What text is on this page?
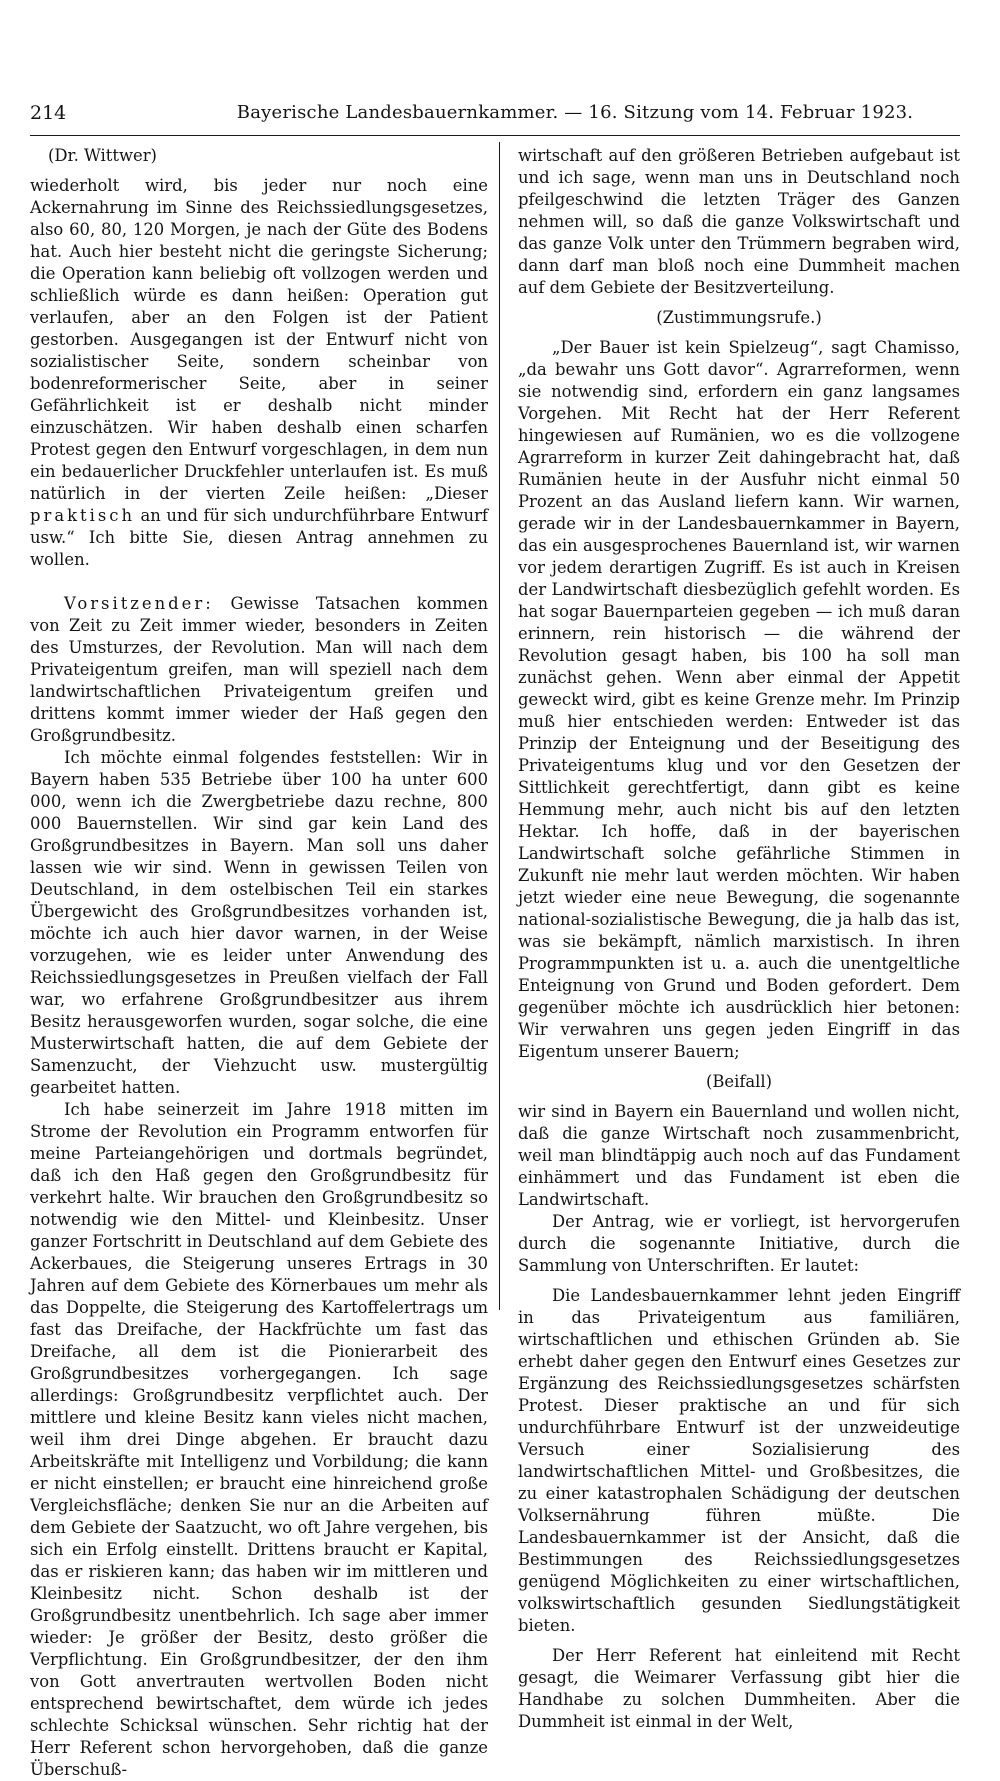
214	Bayerische Landesbauernkammer. — 16. Sitzung vom 14. Februar 1923.

(Dr. Wittwer)

wiederholt wird, bis jeder nur noch eine Ackernahrung im Sinne des Reichssiedlungsgesetzes, also 60, 80, 120 Morgen, je nach der Güte des Bodens hat. Auch hier besteht nicht die geringste Sicherung; die Operation kann beliebig oft vollzogen werden und schließlich würde es dann heißen: Operation gut verlaufen, aber an den Folgen ist der Patient gestorben. Ausgegangen ist der Entwurf nicht von sozialistischer Seite, sondern scheinbar von bodenreformerischer Seite, aber in seiner Gefährlichkeit ist er deshalb nicht minder einzuschätzen. Wir haben deshalb einen scharfen Protest gegen den Entwurf vorgeschlagen, in dem nun ein bedauerlicher Druckfehler unterlaufen ist. Es muß natürlich in der vierten Zeile heißen: „Dieser praktisch an und für sich undurchführbare Entwurf usw.“ Ich bitte Sie, diesen Antrag annehmen zu wollen.

Vorsitzender: Gewisse Tatsachen kommen von Zeit zu Zeit immer wieder, besonders in Zeiten des Umsturzes, der Revolution. Man will nach dem Privateigentum greifen, man will speziell nach dem landwirtschaftlichen Privateigentum greifen und drittens kommt immer wieder der Haß gegen den Großgrundbesitz.

Ich möchte einmal folgendes feststellen: Wir in Bayern haben 535 Betriebe über 100 ha unter 600 000, wenn ich die Zwergbetriebe dazu rechne, 800 000 Bauernstellen. Wir sind gar kein Land des Großgrundbesitzes in Bayern. Man soll uns daher lassen wie wir sind. Wenn in gewissen Teilen von Deutschland, in dem ostelbischen Teil ein starkes Übergewicht des Großgrundbesitzes vorhanden ist, möchte ich auch hier davor warnen, in der Weise vorzugehen, wie es leider unter Anwendung des Reichssiedlungsgesetzes in Preußen vielfach der Fall war, wo erfahrene Großgrundbesitzer aus ihrem Besitz herausgeworfen wurden, sogar solche, die eine Musterwirtschaft hatten, die auf dem Gebiete der Samenzucht, der Viehzucht usw. mustergültig gearbeitet hatten.

Ich habe seinerzeit im Jahre 1918 mitten im Strome der Revolution ein Programm entworfen für meine Parteiangehörigen und dortmals begründet, daß ich den Haß gegen den Großgrundbesitz für verkehrt halte. Wir brauchen den Großgrundbesitz so notwendig wie den Mittel- und Kleinbesitz. Unser ganzer Fortschritt in Deutschland auf dem Gebiete des Ackerbaues, die Steigerung unseres Ertrags in 30 Jahren auf dem Gebiete des Körnerbaues um mehr als das Doppelte, die Steigerung des Kartoffelertrags um fast das Dreifache, der Hackfrüchte um fast das Dreifache, all dem ist die Pionierarbeit des Großgrundbesitzes vorhergegangen. Ich sage allerdings: Großgrundbesitz verpflichtet auch. Der mittlere und kleine Besitz kann vieles nicht machen, weil ihm drei Dinge abgehen. Er braucht dazu Arbeitskräfte mit Intelligenz und Vorbildung; die kann er nicht einstellen; er braucht eine hinreichend große Vergleichsfläche; denken Sie nur an die Arbeiten auf dem Gebiete der Saatzucht, wo oft Jahre vergehen, bis sich ein Erfolg einstellt. Drittens braucht er Kapital, das er riskieren kann; das haben wir im mittleren und Kleinbesitz nicht. Schon deshalb ist der Großgrundbesitz unentbehrlich. Ich sage aber immer wieder: Je größer der Besitz, desto größer die Verpflichtung. Ein Großgrundbesitzer, der den ihm von Gott anvertrauten wertvollen Boden nicht entsprechend bewirtschaftet, dem würde ich jedes schlechte Schicksal wünschen. Sehr richtig hat der Herr Referent schon hervorgehoben, daß die ganze Überschuß-

wirtschaft auf den größeren Betrieben aufgebaut ist und ich sage, wenn man uns in Deutschland noch pfeilgeschwind die letzten Träger des Ganzen nehmen will, so daß die ganze Volkswirtschaft und das ganze Volk unter den Trümmern begraben wird, dann darf man bloß noch eine Dummheit machen auf dem Gebiete der Besitzverteilung.

(Zustimmungsrufe.)

„Der Bauer ist kein Spielzeug“, sagt Chamisso, „da bewahr uns Gott davor“. Agrarreformen, wenn sie notwendig sind, erfordern ein ganz langsames Vorgehen. Mit Recht hat der Herr Referent hingewiesen auf Rumänien, wo es die vollzogene Agrarreform in kurzer Zeit dahingebracht hat, daß Rumänien heute in der Ausfuhr nicht einmal 50 Prozent an das Ausland liefern kann. Wir warnen, gerade wir in der Landesbauernkammer in Bayern, das ein ausgesprochenes Bauernland ist, wir warnen vor jedem derartigen Zugriff. Es ist auch in Kreisen der Landwirtschaft diesbezüglich gefehlt worden. Es hat sogar Bauernparteien gegeben — ich muß daran erinnern, rein historisch — die während der Revolution gesagt haben, bis 100 ha soll man zunächst gehen. Wenn aber einmal der Appetit geweckt wird, gibt es keine Grenze mehr. Im Prinzip muß hier entschieden werden: Entweder ist das Prinzip der Enteignung und der Beseitigung des Privateigentums klug und vor den Gesetzen der Sittlichkeit gerechtfertigt, dann gibt es keine Hemmung mehr, auch nicht bis auf den letzten Hektar. Ich hoffe, daß in der bayerischen Landwirtschaft solche gefährliche Stimmen in Zukunft nie mehr laut werden möchten. Wir haben jetzt wieder eine neue Bewegung, die sogenannte national-sozialistische Bewegung, die ja halb das ist, was sie bekämpft, nämlich marxistisch. In ihren Programmpunkten ist u. a. auch die unentgeltliche Enteignung von Grund und Boden gefordert. Dem gegenüber möchte ich ausdrücklich hier betonen: Wir verwahren uns gegen jeden Eingriff in das Eigentum unserer Bauern;

(Beifall)

wir sind in Bayern ein Bauernland und wollen nicht, daß die ganze Wirtschaft noch zusammenbricht, weil man blindtäppig auch noch auf das Fundament einhämmert und das Fundament ist eben die Landwirtschaft.

Der Antrag, wie er vorliegt, ist hervorgerufen durch die sogenannte Initiative, durch die Sammlung von Unterschriften. Er lautet:

Die Landesbauernkammer lehnt jeden Eingriff in das Privateigentum aus familiären, wirtschaftlichen und ethischen Gründen ab. Sie erhebt daher gegen den Entwurf eines Gesetzes zur Ergänzung des Reichssiedlungsgesetzes schärfsten Protest. Dieser praktische an und für sich undurchführbare Entwurf ist der unzweideutige Versuch einer Sozialisierung des landwirtschaftlichen Mittel- und Großbesitzes, die zu einer katastrophalen Schädigung der deutschen Volksernährung führen müßte. Die Landesbauernkammer ist der Ansicht, daß die Bestimmungen des Reichssiedlungsgesetzes genügend Möglichkeiten zu einer wirtschaftlichen, volkswirtschaftlich gesunden Siedlungstätigkeit bieten.

Der Herr Referent hat einleitend mit Recht gesagt, die Weimarer Verfassung gibt hier die Handhabe zu solchen Dummheiten. Aber die Dummheit ist einmal in der Welt,
